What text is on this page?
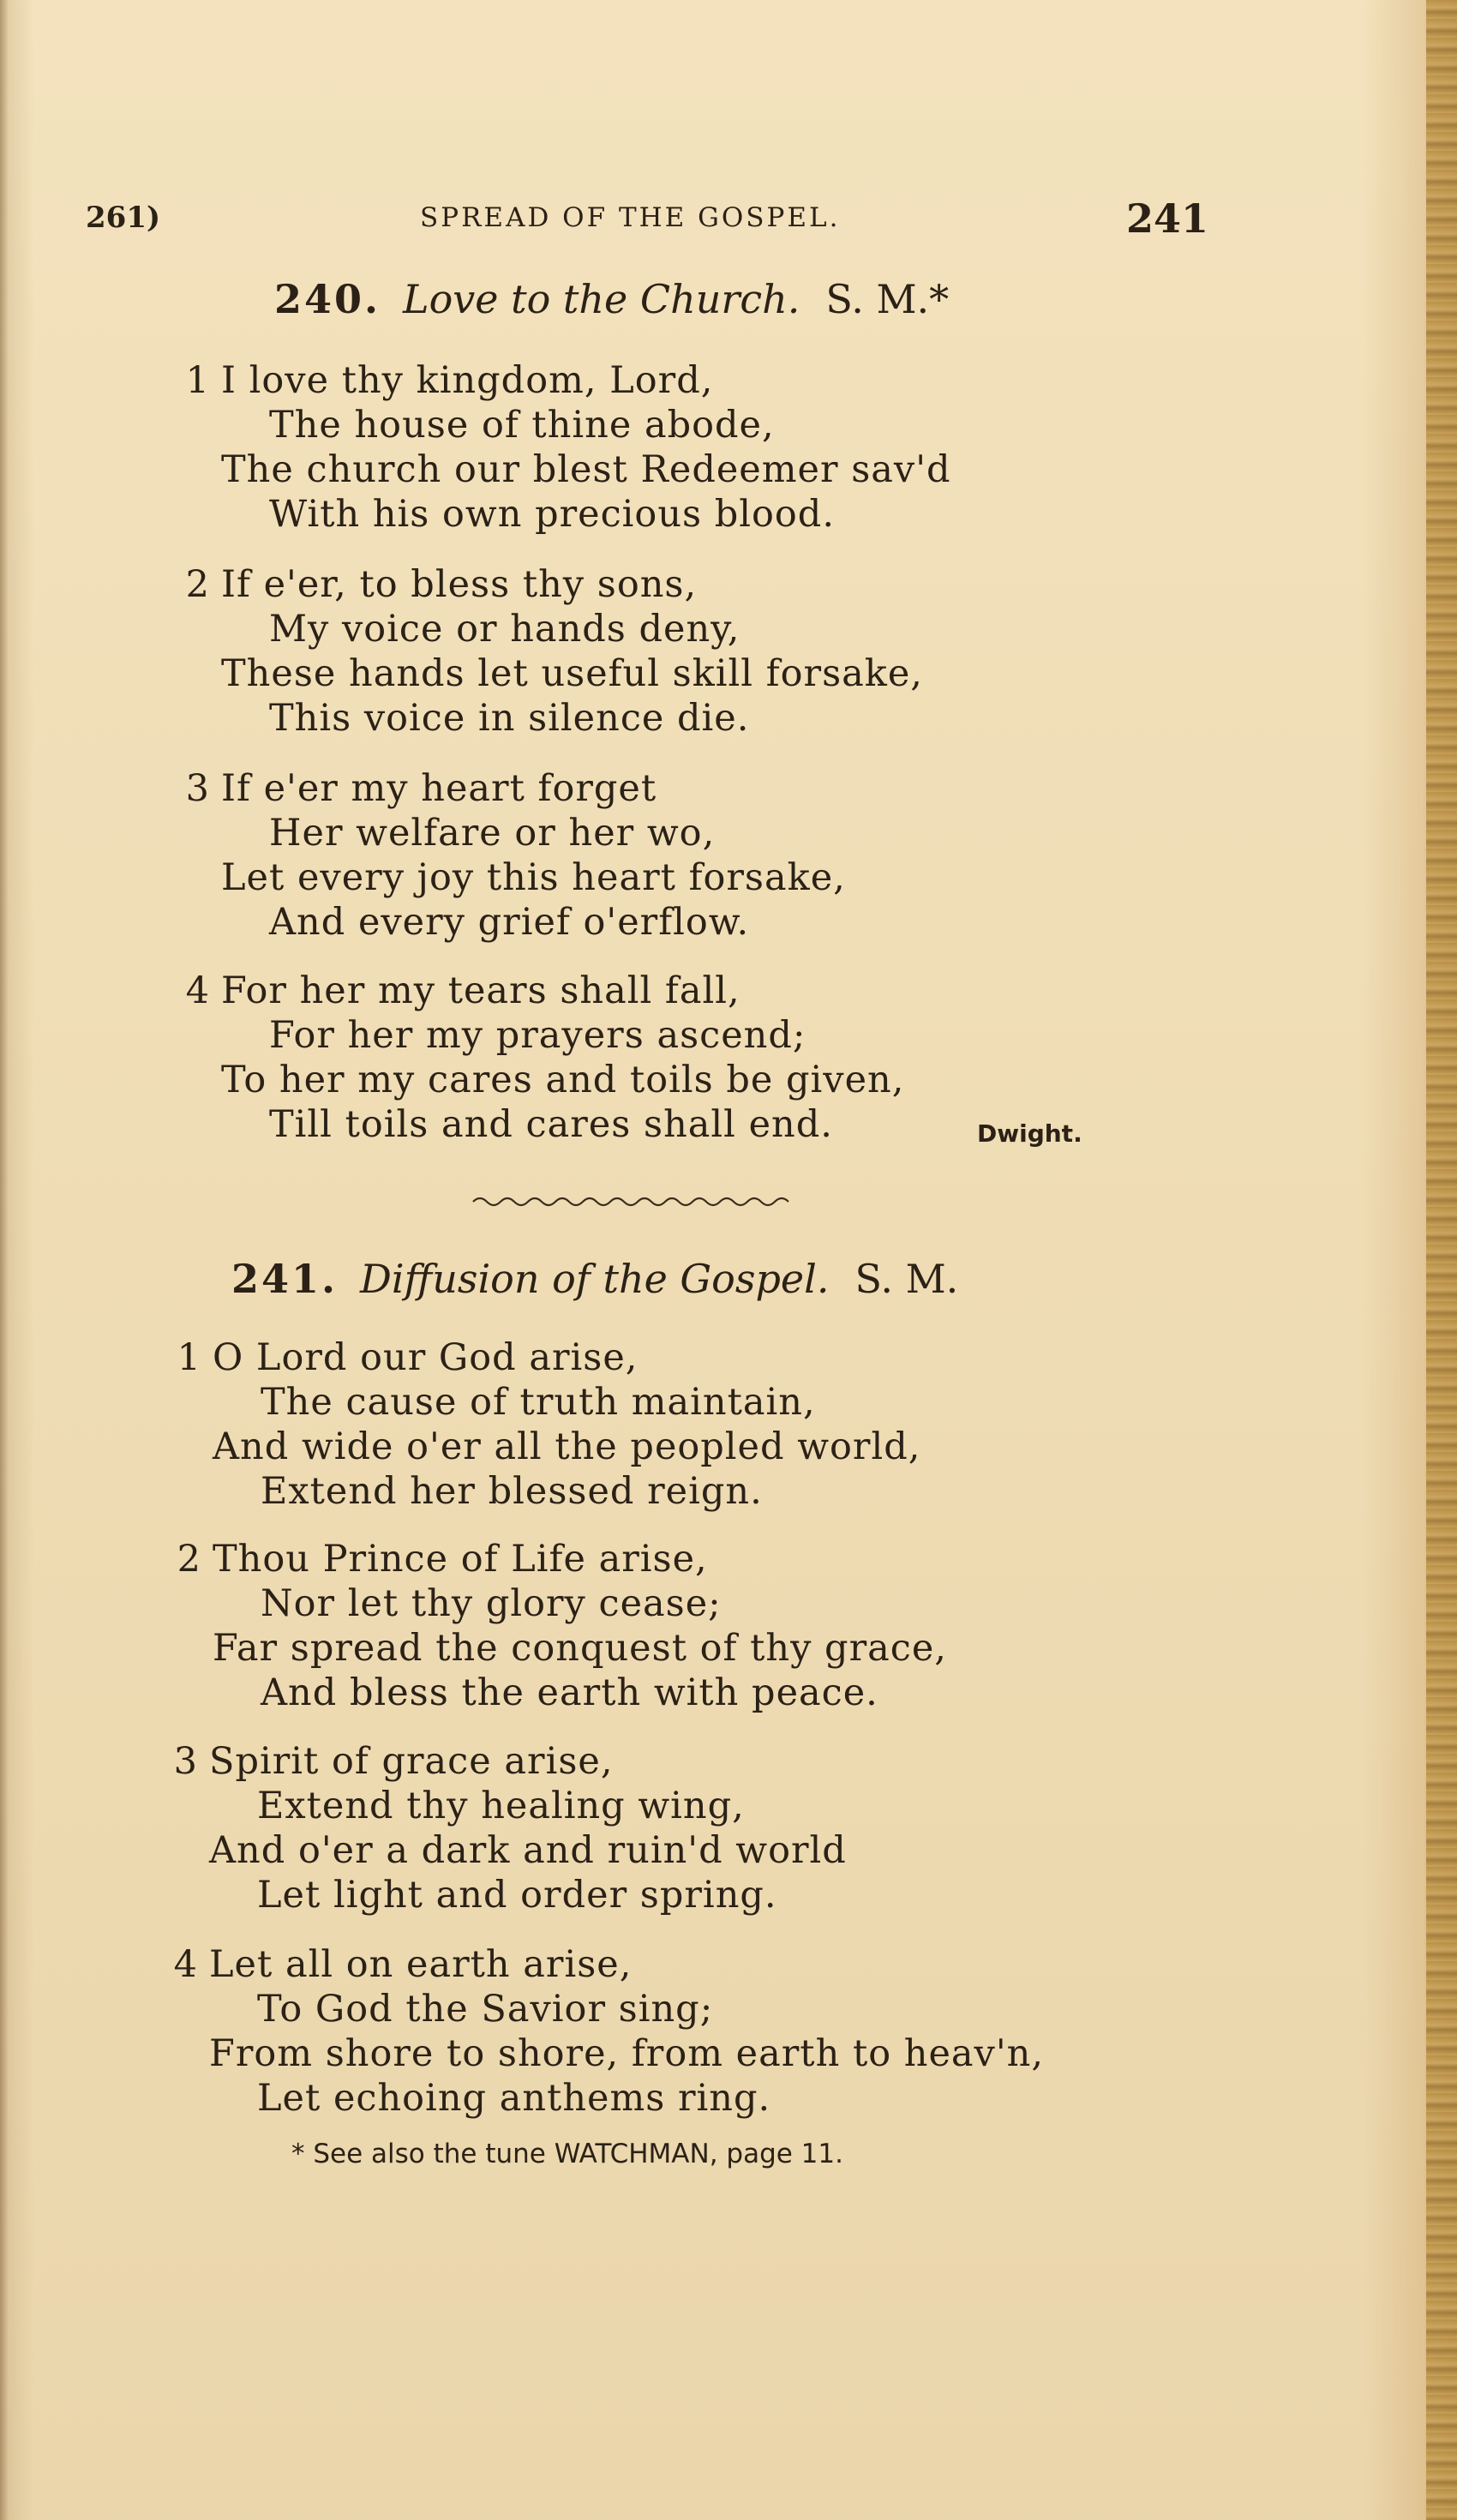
261)	SPREAD OF THE GOSPEL.	241
240. Love to the Church. S. M.*
1 I love thy kingdom, Lord,
The house of thine abode,
The church our blest Redeemer sav'd
With his own precious blood.
2 If e'er, to bless thy sons,
My voice or hands deny,
These hands let useful skill forsake,
This voice in silence die.
3 If e'er my heart forget
Her welfare or her wo,
Let every joy this heart forsake,
And every grief o'erflow.
4 For her my tears shall fall,
For her my prayers ascend;
To her my cares and toils be given,
Till toils and cares shall end.	Dwight.
241. Diffusion of the Gospel. S. M.
1 O Lord our God arise,
The cause of truth maintain,
And wide o'er all the peopled world,
Extend her blessed reign.
2 Thou Prince of Life arise,
Nor let thy glory cease;
Far spread the conquest of thy grace,
And bless the earth with peace.
3 Spirit of grace arise,
Extend thy healing wing,
And o'er a dark and ruin'd world
Let light and order spring.
4 Let all on earth arise,
To God the Savior sing;
From shore to shore, from earth to heav'n,
Let echoing anthems ring.
* See also the tune WATCHMAN, page 11.
